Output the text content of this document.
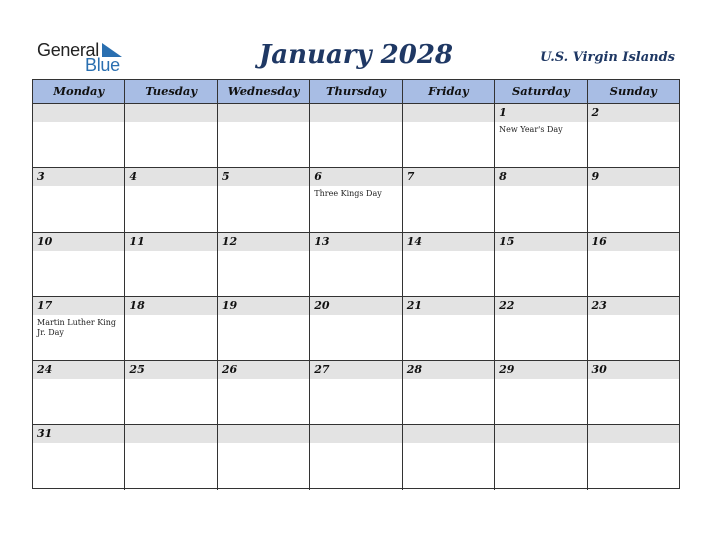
General
Blue	January 2028	U.S. Virgin Islands
Monday	Tuesday	Wednesday	Thursday	Friday	Saturday	Sunday
1
New Year's Day
2
3	4	5	6
Three Kings Day
7	8	9
10	11	12	13	14	15	16
17
Martin Luther King Jr. Day
18	19	20	21	22	23
24	25	26	27	28	29	30
31
